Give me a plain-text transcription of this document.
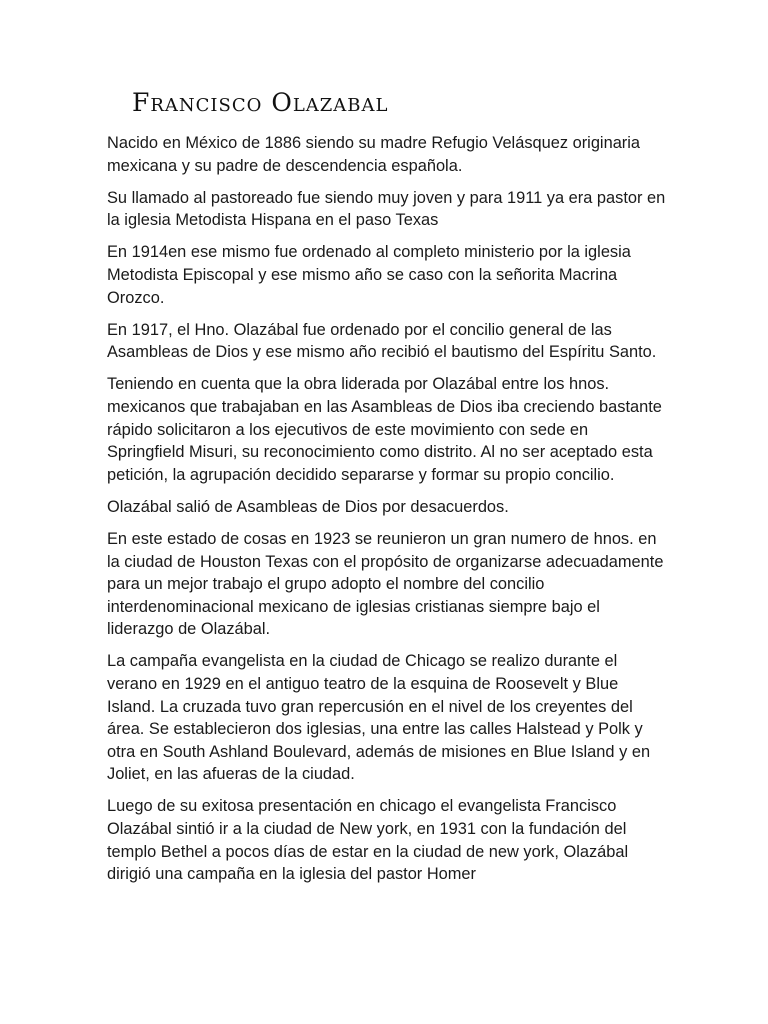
Francisco Olazabal

Nacido en México de 1886 siendo su madre Refugio Velásquez originaria mexicana y su padre de descendencia española.

Su llamado al pastoreado fue siendo muy joven y para 1911 ya era pastor en la iglesia Metodista Hispana en el paso Texas

En 1914en ese mismo fue ordenado al completo ministerio por la iglesia Metodista Episcopal y ese mismo año se caso con la señorita Macrina Orozco.

En 1917, el Hno. Olazábal fue ordenado por el concilio general de las Asambleas de Dios y ese mismo año recibió el bautismo del Espíritu Santo.

Teniendo en cuenta que la obra liderada por Olazábal entre los hnos. mexicanos que trabajaban en las Asambleas de Dios iba creciendo bastante rápido solicitaron a los ejecutivos de este movimiento con sede en Springfield Misuri, su reconocimiento como distrito. Al no ser aceptado esta petición, la agrupación decidido separarse y formar su propio concilio.

Olazábal salió de Asambleas de Dios por desacuerdos.

En este estado de cosas en 1923 se reunieron un gran numero de hnos. en la ciudad de Houston Texas con el propósito de organizarse adecuadamente para un mejor trabajo el grupo adopto el nombre del concilio interdenominacional mexicano de iglesias cristianas siempre bajo el liderazgo de Olazábal.

La campaña evangelista en la ciudad de Chicago se realizo durante el verano en 1929 en el antiguo teatro de la esquina de Roosevelt y Blue Island. La cruzada tuvo gran repercusión en el nivel de los creyentes del área. Se establecieron dos iglesias, una entre las calles Halstead y Polk y otra en South Ashland Boulevard, además de misiones en Blue Island y en Joliet, en las afueras de la ciudad.

Luego de su exitosa presentación en chicago el evangelista Francisco Olazábal sintió ir a la ciudad de New york, en 1931 con la fundación del templo Bethel a pocos días de estar en la ciudad de new york, Olazábal dirigió una campaña en la iglesia del pastor Homer
